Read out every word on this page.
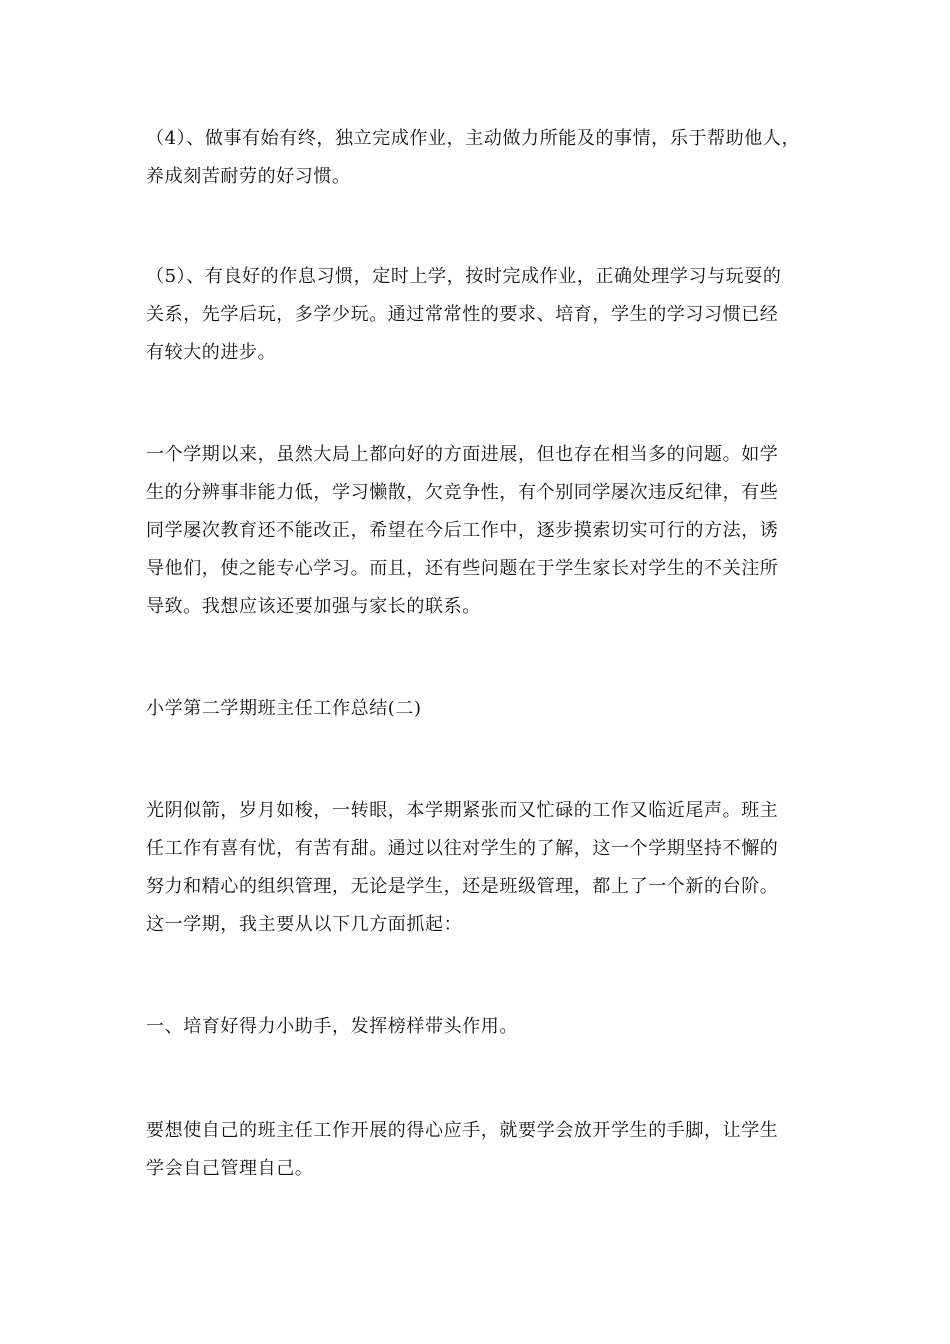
（4）、做事有始有终，独立完成作业，主动做力所能及的事情，乐于帮助他人，
养成刻苦耐劳的好习惯。
（5）、有良好的作息习惯，定时上学，按时完成作业，正确处理学习与玩耍的
关系，先学后玩，多学少玩。通过常常性的要求、培育，学生的学习习惯已经
有较大的进步。
一个学期以来，虽然大局上都向好的方面进展，但也存在相当多的问题。如学
生的分辨事非能力低，学习懒散，欠竞争性，有个别同学屡次违反纪律，有些
同学屡次教育还不能改正，希望在今后工作中，逐步摸索切实可行的方法，诱
导他们，使之能专心学习。而且，还有些问题在于学生家长对学生的不关注所
导致。我想应该还要加强与家长的联系。
小学第二学期班主任工作总结(二)
光阴似箭，岁月如梭，一转眼，本学期紧张而又忙碌的工作又临近尾声。班主
任工作有喜有忧，有苦有甜。通过以往对学生的了解，这一个学期坚持不懈的
努力和精心的组织管理，无论是学生，还是班级管理，都上了一个新的台阶。
这一学期，我主要从以下几方面抓起：
一、培育好得力小助手，发挥榜样带头作用。
要想使自己的班主任工作开展的得心应手，就要学会放开学生的手脚，让学生
学会自己管理自己。
